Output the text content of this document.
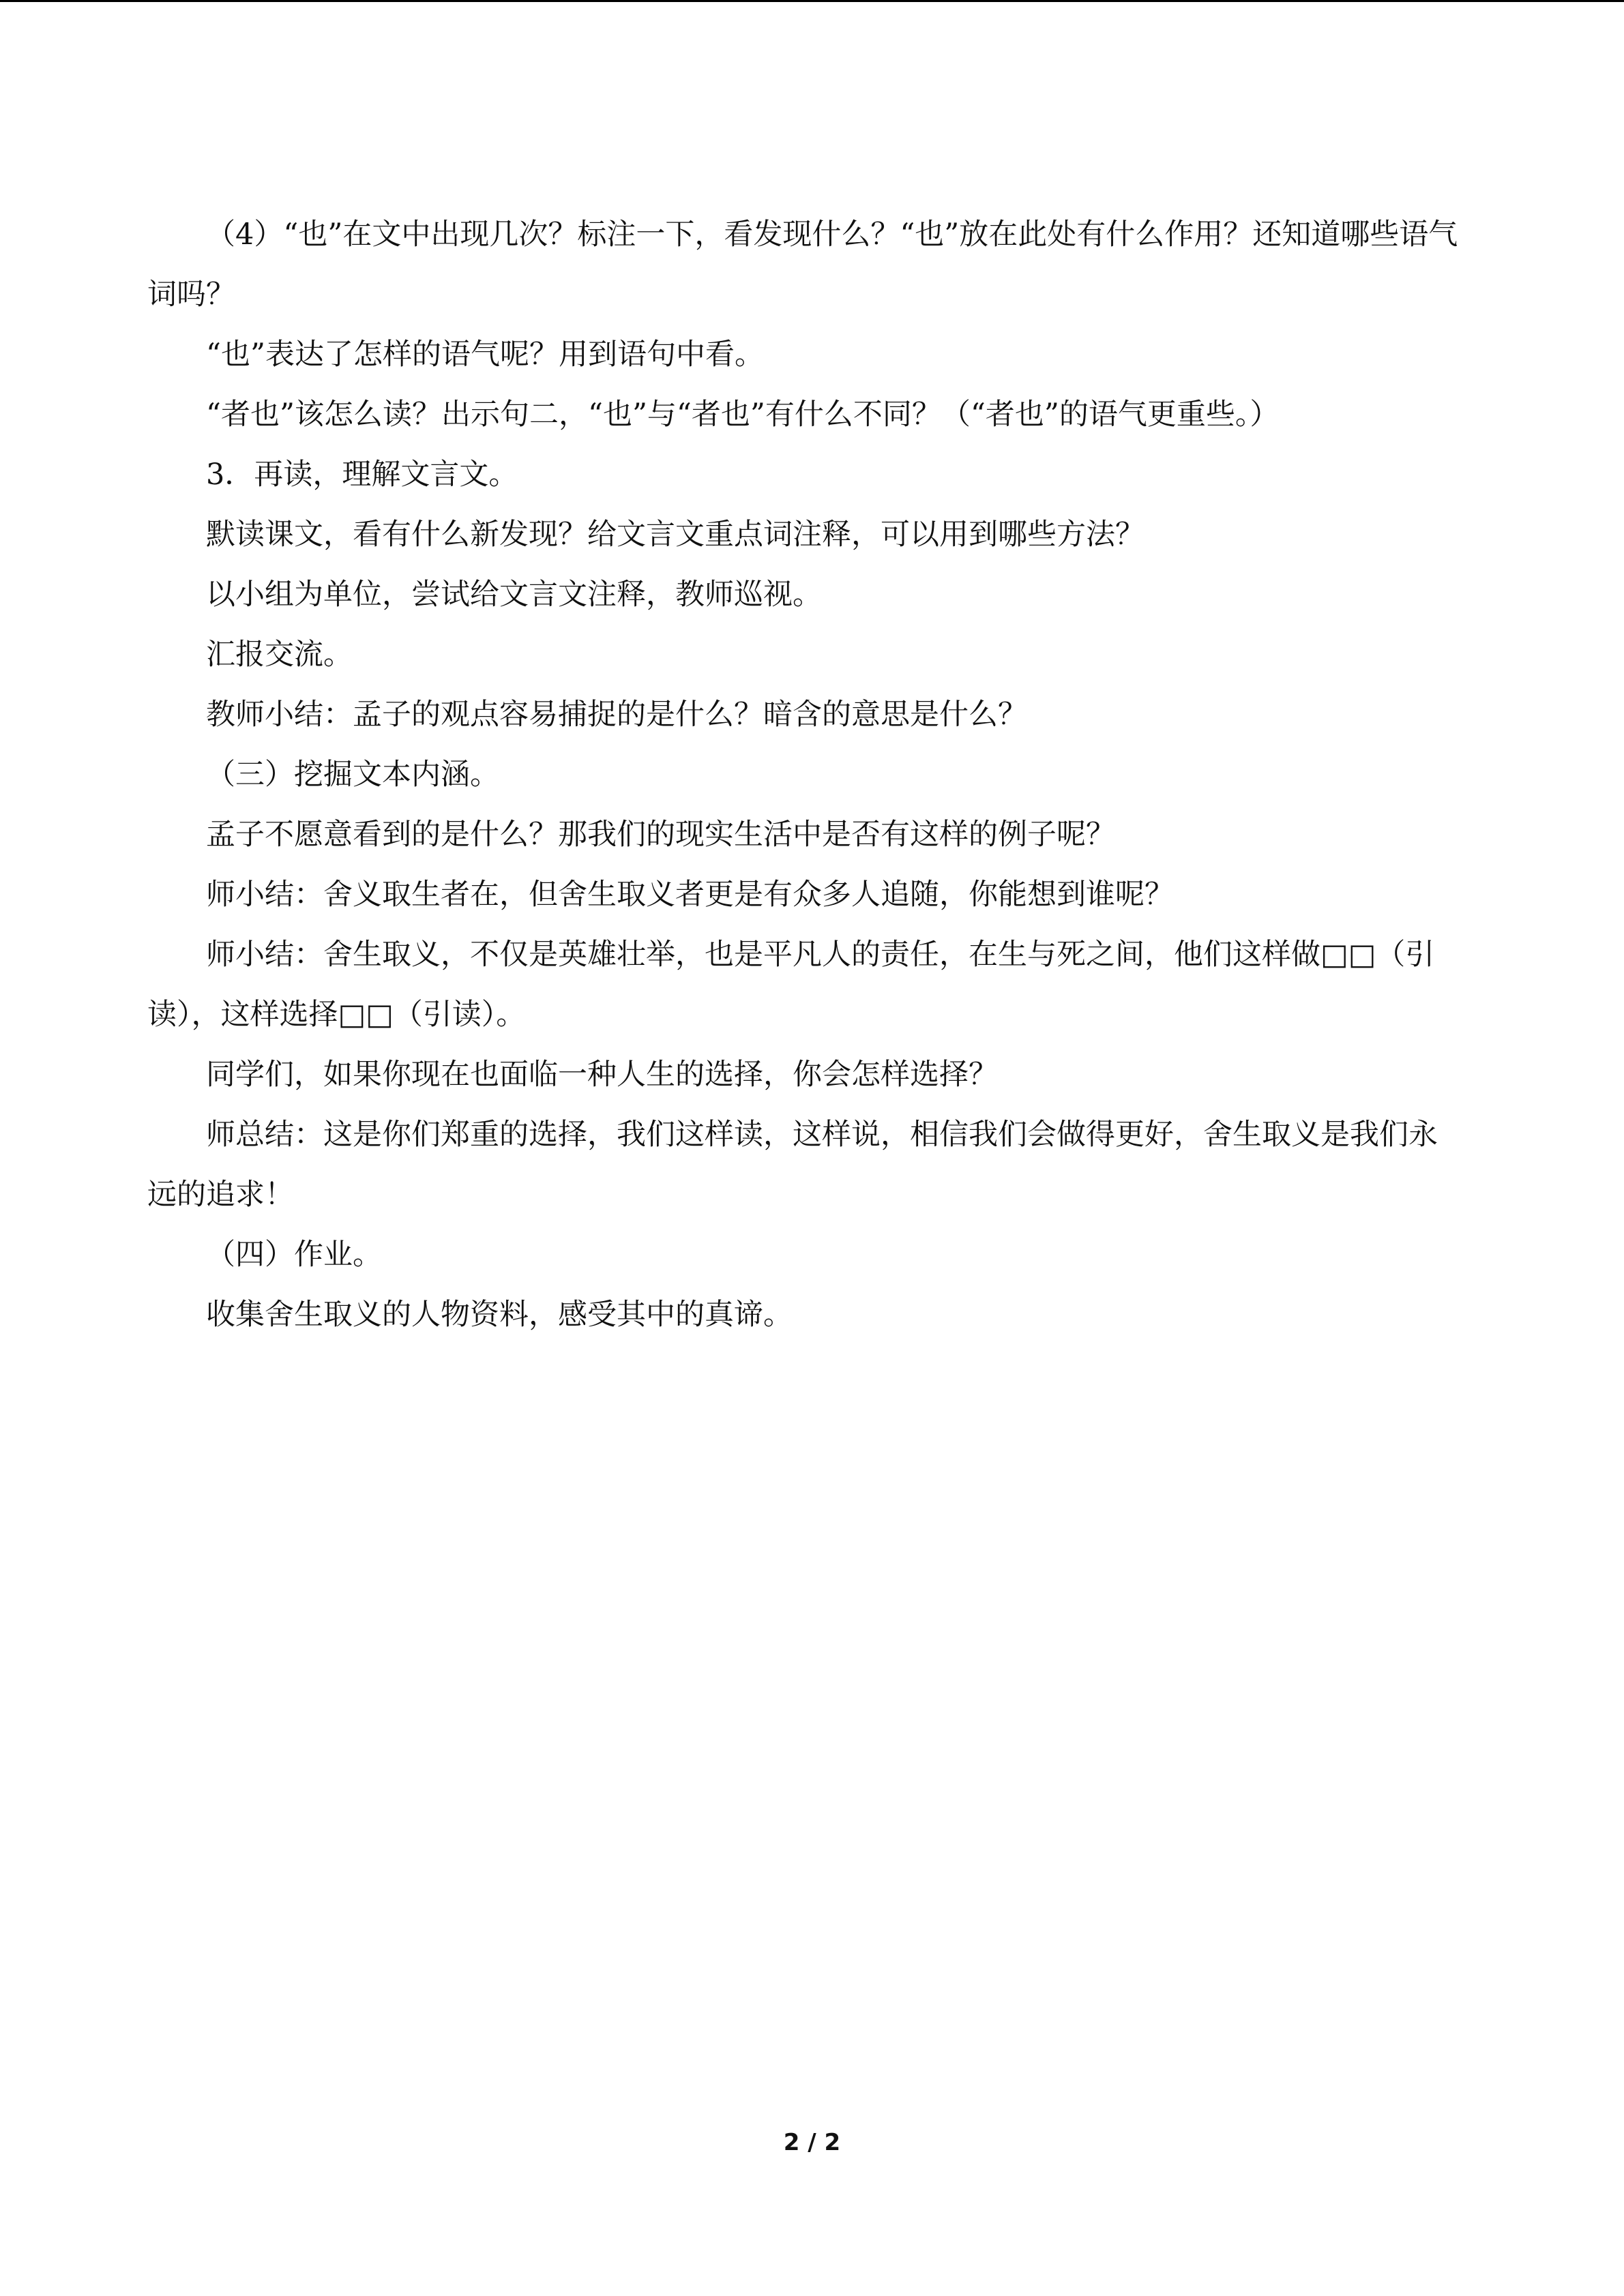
（4）“也”在文中出现几次？标注一下，看发现什么？“也”放在此处有什么作用？还知道哪些语气词吗？

“也”表达了怎样的语气呢？用到语句中看。

“者也”该怎么读？出示句二，“也”与“者也”有什么不同？（“者也”的语气更重些。）

3．再读，理解文言文。

默读课文，看有什么新发现？给文言文重点词注释，可以用到哪些方法？

以小组为单位，尝试给文言文注释，教师巡视。

汇报交流。

教师小结：孟子的观点容易捕捉的是什么？暗含的意思是什么？

（三）挖掘文本内涵。

孟子不愿意看到的是什么？那我们的现实生活中是否有这样的例子呢？

师小结：舍义取生者在，但舍生取义者更是有众多人追随，你能想到谁呢？

师小结：舍生取义，不仅是英雄壮举，也是平凡人的责任，在生与死之间，他们这样做□□（引读），这样选择□□（引读）。

同学们，如果你现在也面临一种人生的选择，你会怎样选择？

师总结：这是你们郑重的选择，我们这样读，这样说，相信我们会做得更好，舍生取义是我们永远的追求！

（四）作业。

收集舍生取义的人物资料，感受其中的真谛。

2 / 2
